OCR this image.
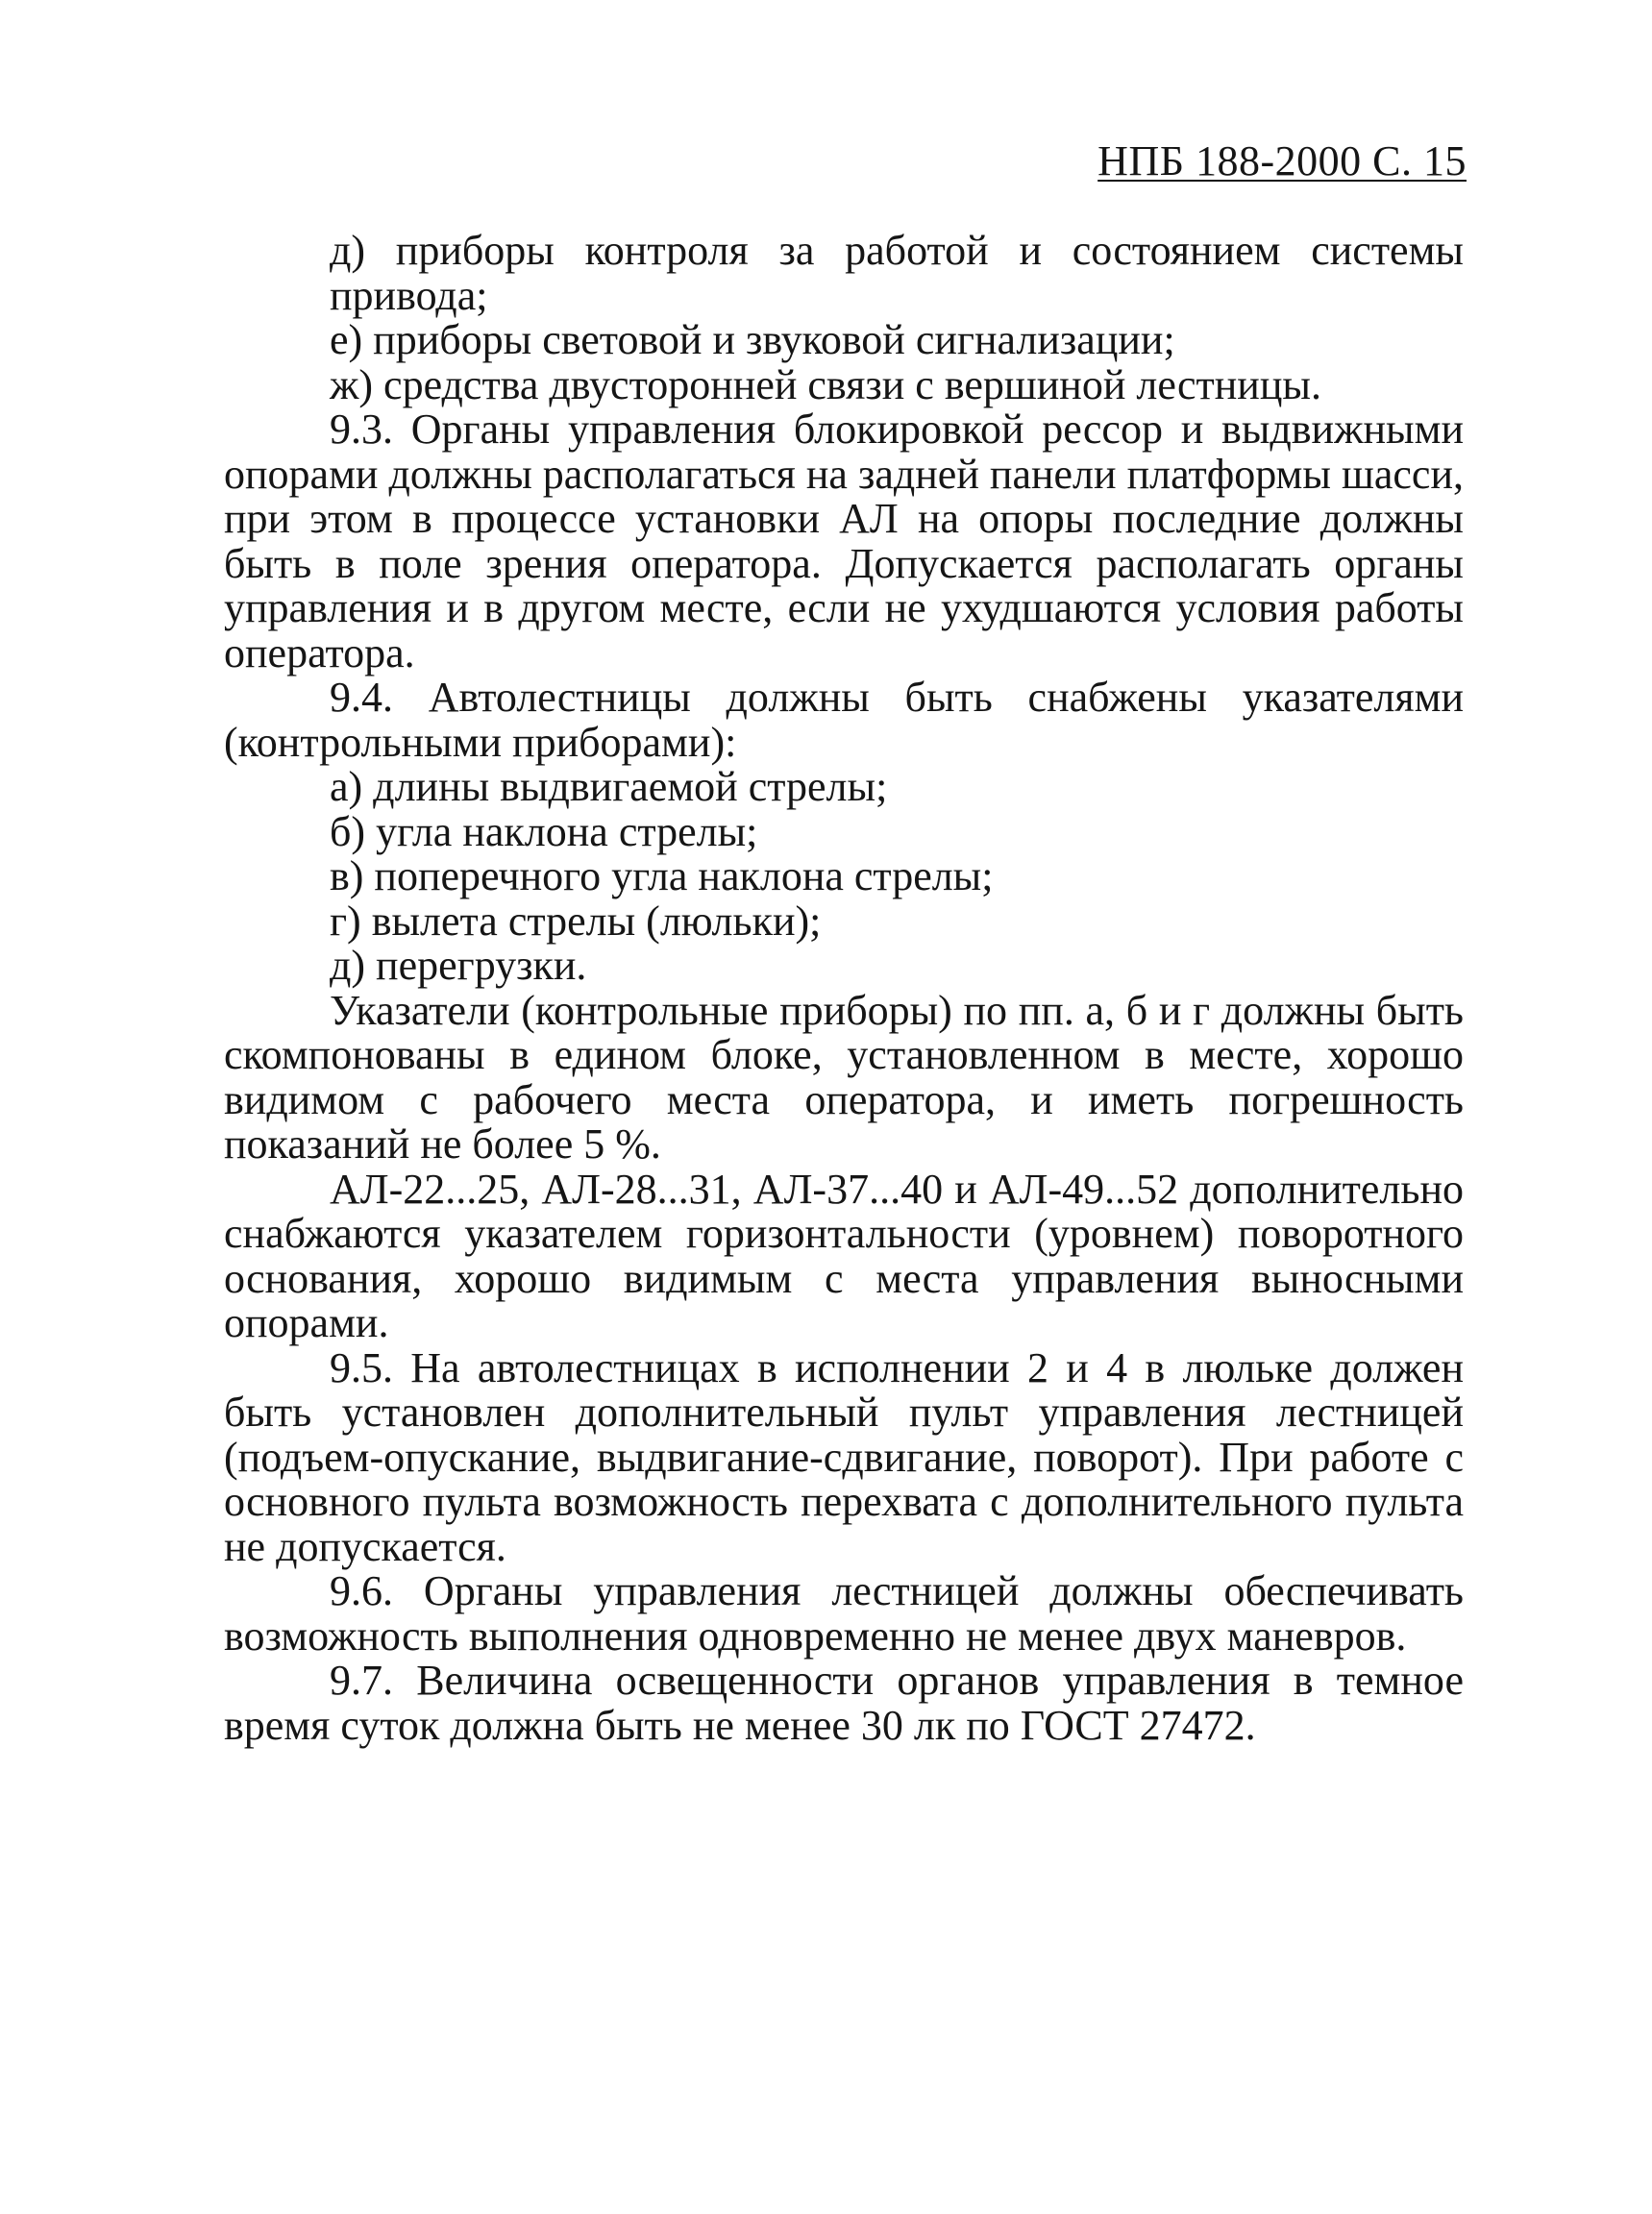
НПБ 188-2000 С. 15

д) приборы контроля за работой и состоянием системы привода;

е) приборы световой и звуковой сигнализации;

ж) средства двусторонней связи с вершиной лестницы.

9.3. Органы управления блокировкой рессор и выдвижными опорами должны располагаться на задней панели платформы шасси, при этом в процессе установки АЛ на опоры последние должны быть в поле зрения оператора. Допускается располагать органы управления и в другом месте, если не ухудшаются условия работы оператора.

9.4. Автолестницы должны быть снабжены указателями (контрольными приборами):

а) длины выдвигаемой стрелы;

б) угла наклона стрелы;

в) поперечного угла наклона стрелы;

г) вылета стрелы (люльки);

д) перегрузки.

Указатели (контрольные приборы) по пп. а, б и г должны быть скомпонованы в едином блоке, установленном в месте, хорошо видимом с рабочего места оператора, и иметь погрешность показаний не более 5 %.

АЛ-22...25, АЛ-28...31, АЛ-37...40 и АЛ-49...52 дополнительно снабжаются указателем горизонтальности (уровнем) поворотного основания, хорошо видимым с места управления выносными опорами.

9.5. На автолестницах в исполнении 2 и 4 в люльке должен быть установлен дополнительный пульт управления лестницей (подъем-опускание, выдвигание-сдвигание, поворот). При работе с основного пульта возможность перехвата с дополнительного пульта не допускается.

9.6. Органы управления лестницей должны обеспечивать возможность выполнения одновременно не менее двух маневров.

9.7. Величина освещенности органов управления в темное время суток должна быть не менее 30 лк по ГОСТ 27472.
